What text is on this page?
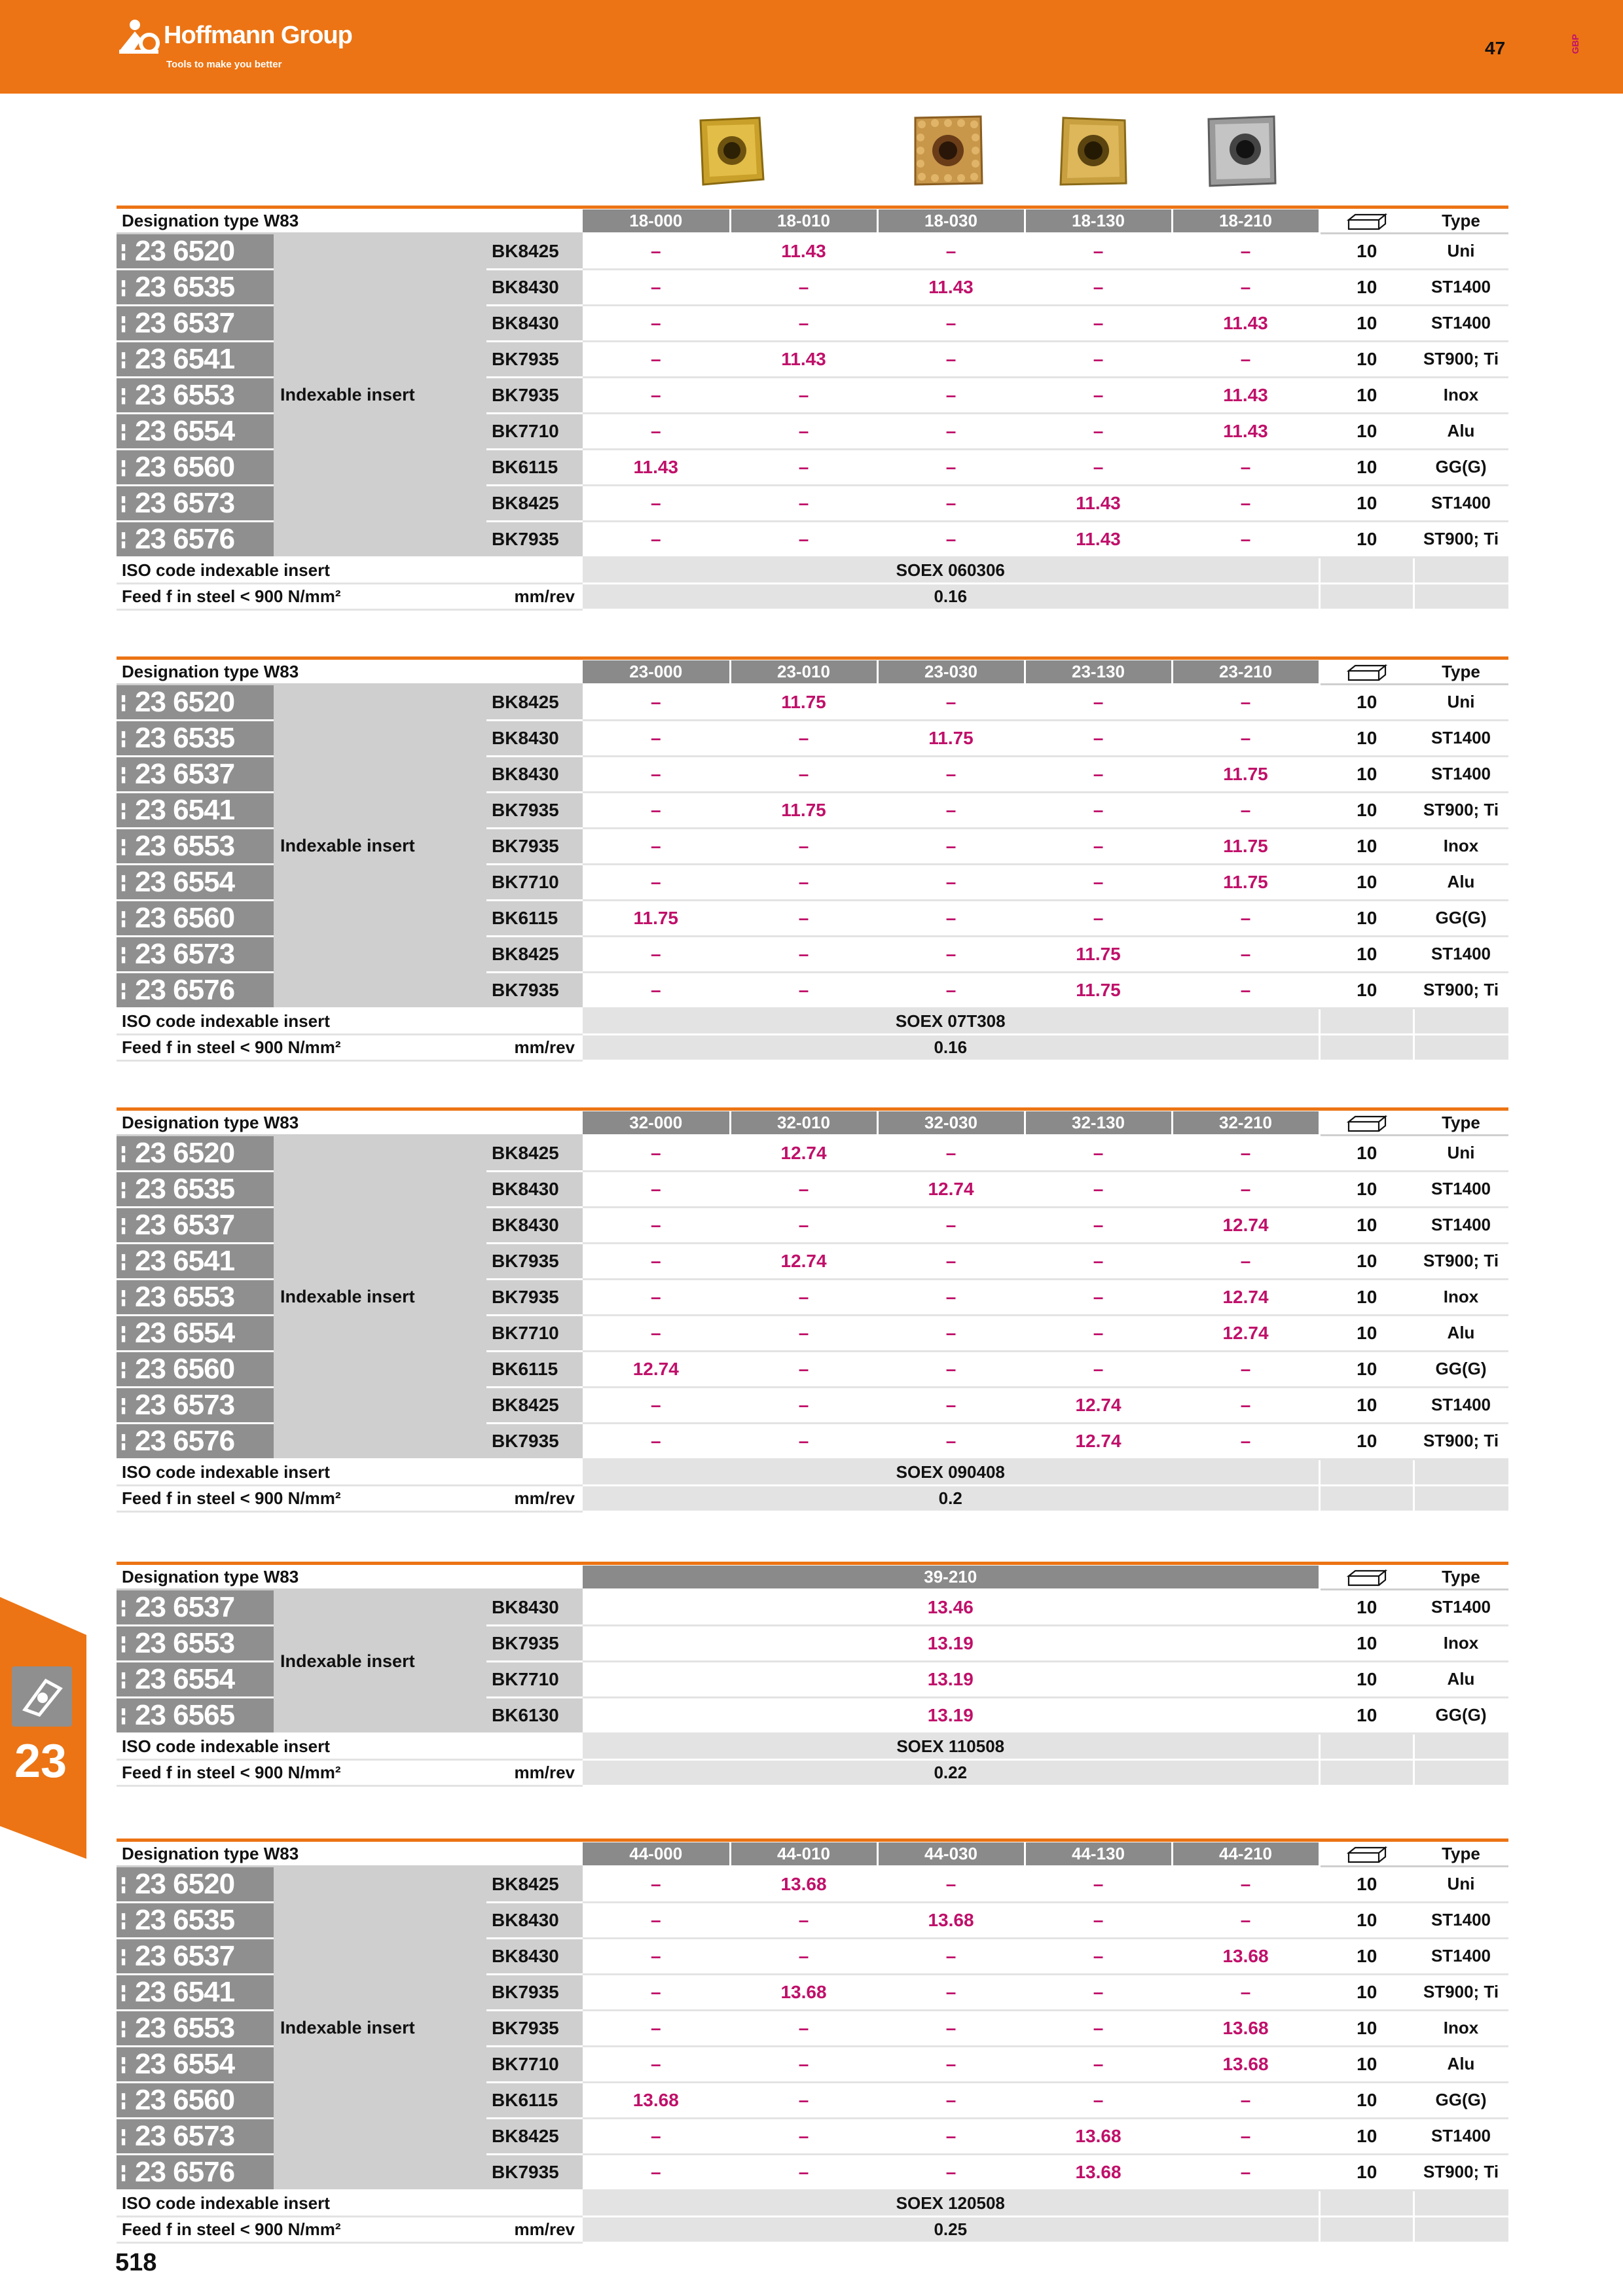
Hoffmann Group
Tools to make you better
47	GBP
Designation type W83			18-000	18-010	18-030	18-130	18-210		Type
▮▮ 23 6520	Indexable insert	BK8425	–	11.43	–	–	–	10	Uni
▮▮ 23 6535		BK8430	–	–	11.43	–	–	10	ST1400
▮▮ 23 6537		BK8430	–	–	–	–	11.43	10	ST1400
▮▮ 23 6541		BK7935	–	11.43	–	–	–	10	ST900; Ti
▮▮ 23 6553		BK7935	–	–	–	–	11.43	10	Inox
▮▮ 23 6554		BK7710	–	–	–	–	11.43	10	Alu
▮▮ 23 6560		BK6115	11.43	–	–	–	–	10	GG(G)
▮▮ 23 6573		BK8425	–	–	–	11.43	–	10	ST1400
▮▮ 23 6576		BK7935	–	–	–	11.43	–	10	ST900; Ti
ISO code indexable insert			SOEX 060306						
Feed f in steel < 900 N/mm²		mm/rev	0.16						
Designation type W83			23-000	23-010	23-030	23-130	23-210		Type
▮▮ 23 6520	Indexable insert	BK8425	–	11.75	–	–	–	10	Uni
▮▮ 23 6535		BK8430	–	–	11.75	–	–	10	ST1400
▮▮ 23 6537		BK8430	–	–	–	–	11.75	10	ST1400
▮▮ 23 6541		BK7935	–	11.75	–	–	–	10	ST900; Ti
▮▮ 23 6553		BK7935	–	–	–	–	11.75	10	Inox
▮▮ 23 6554		BK7710	–	–	–	–	11.75	10	Alu
▮▮ 23 6560		BK6115	11.75	–	–	–	–	10	GG(G)
▮▮ 23 6573		BK8425	–	–	–	11.75	–	10	ST1400
▮▮ 23 6576		BK7935	–	–	–	11.75	–	10	ST900; Ti
ISO code indexable insert			SOEX 07T308						
Feed f in steel < 900 N/mm²		mm/rev	0.16						
Designation type W83			32-000	32-010	32-030	32-130	32-210		Type
▮▮ 23 6520	Indexable insert	BK8425	–	12.74	–	–	–	10	Uni
▮▮ 23 6535		BK8430	–	–	12.74	–	–	10	ST1400
▮▮ 23 6537		BK8430	–	–	–	–	12.74	10	ST1400
▮▮ 23 6541		BK7935	–	12.74	–	–	–	10	ST900; Ti
▮▮ 23 6553		BK7935	–	–	–	–	12.74	10	Inox
▮▮ 23 6554		BK7710	–	–	–	–	12.74	10	Alu
▮▮ 23 6560		BK6115	12.74	–	–	–	–	10	GG(G)
▮▮ 23 6573		BK8425	–	–	–	12.74	–	10	ST1400
▮▮ 23 6576		BK7935	–	–	–	12.74	–	10	ST900; Ti
ISO code indexable insert			SOEX 090408						
Feed f in steel < 900 N/mm²		mm/rev	0.2						
Designation type W83			39-210		Type
▮▮ 23 6537	Indexable insert	BK8430	13.46	10	ST1400
▮▮ 23 6553		BK7935	13.19	10	Inox
▮▮ 23 6554		BK7710	13.19	10	Alu
▮▮ 23 6565		BK6130	13.19	10	GG(G)
ISO code indexable insert			SOEX 110508		
Feed f in steel < 900 N/mm²		mm/rev	0.22		
Designation type W83			44-000	44-010	44-030	44-130	44-210		Type
▮▮ 23 6520	Indexable insert	BK8425	–	13.68	–	–	–	10	Uni
▮▮ 23 6535		BK8430	–	–	13.68	–	–	10	ST1400
▮▮ 23 6537		BK8430	–	–	–	–	13.68	10	ST1400
▮▮ 23 6541		BK7935	–	13.68	–	–	–	10	ST900; Ti
▮▮ 23 6553		BK7935	–	–	–	–	13.68	10	Inox
▮▮ 23 6554		BK7710	–	–	–	–	13.68	10	Alu
▮▮ 23 6560		BK6115	13.68	–	–	–	–	10	GG(G)
▮▮ 23 6573		BK8425	–	–	–	13.68	–	10	ST1400
▮▮ 23 6576		BK7935	–	–	–	13.68	–	10	ST900; Ti
ISO code indexable insert			SOEX 120508						
Feed f in steel < 900 N/mm²		mm/rev	0.25						
23
518
